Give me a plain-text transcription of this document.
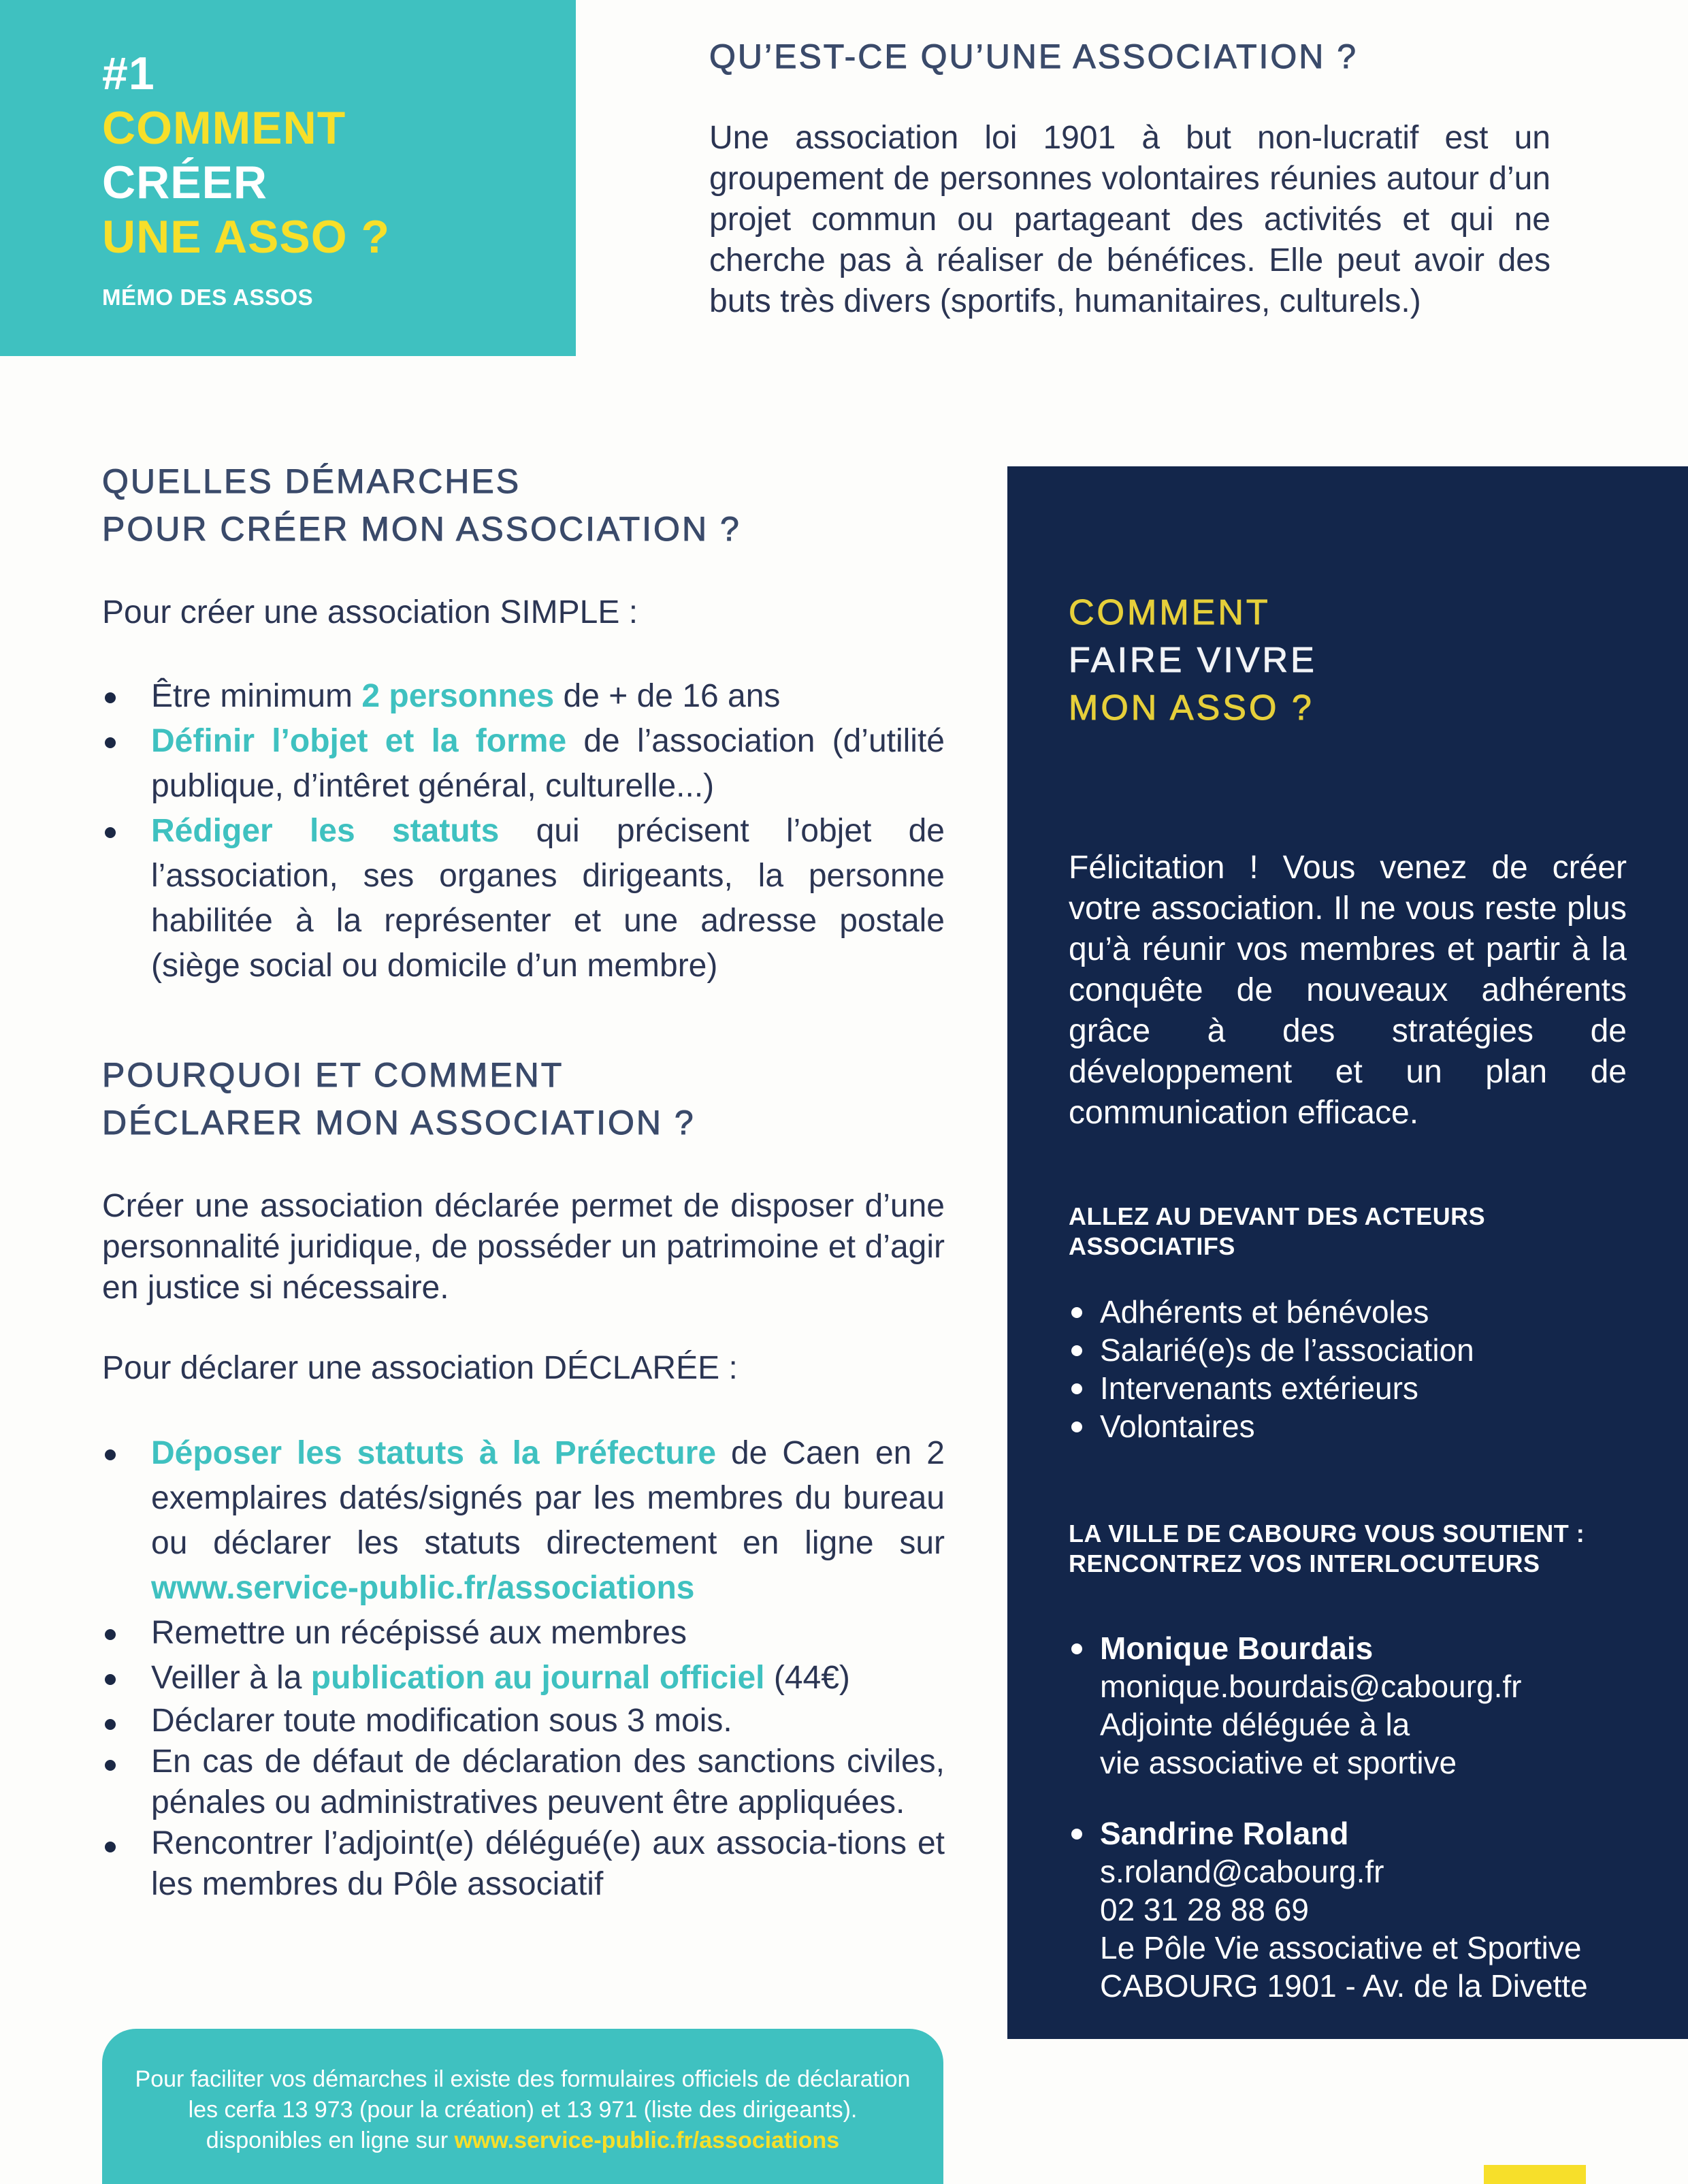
#1
COMMENT
CRÉER
UNE ASSO ?
MÉMO DES ASSOS
QU’EST-CE QU’UNE ASSOCIATION ?

Une association loi 1901 à but non-lucratif est un groupement de personnes volontaires réunies autour d’un projet commun ou partageant des activités et qui ne cherche pas à réaliser de bénéfices. Elle peut avoir des buts très divers (sportifs, humanitaires, culturels.)

QUELLES DÉMARCHES
POUR CRÉER MON ASSOCIATION ?

Pour créer une association SIMPLE :

Être minimum 2 personnes de + de 16 ans
Définir l’objet et la forme de l’association (d’utilité publique, d’intêret général, culturelle...)
Rédiger les statuts qui précisent l’objet de l’association, ses organes dirigeants, la personne habilitée à la représenter et une adresse postale (siège social ou domicile d’un membre)
POURQUOI ET COMMENT
DÉCLARER MON ASSOCIATION ?

Créer une association déclarée permet de disposer d’une personnalité juridique, de posséder un patrimoine et d’agir en justice si nécessaire.

Pour déclarer une association DÉCLARÉE :

Déposer les statuts à la Préfecture de Caen en 2 exemplaires datés/signés par les membres du bureau ou déclarer les statuts directement en ligne sur www.service-public.fr/associations
Remettre un récépissé aux membres
Veiller à la publication au journal officiel (44€)
Déclarer toute modification sous 3 mois.
En cas de défaut de déclaration des sanctions civiles, pénales ou administratives peuvent être appliquées.
Rencontrer l’adjoint(e) délégué(e) aux associa-tions et les membres du Pôle associatif
COMMENT
FAIRE VIVRE
MON ASSO ?

Félicitation ! Vous venez de créer votre association. Il ne vous reste plus qu’à réunir vos membres et partir à la conquête de nouveaux adhérents grâce à des stratégies de développement et un plan de communication efficace.

ALLEZ AU DEVANT DES ACTEURS ASSOCIATIFS
Adhérents et bénévoles
Salarié(e)s de l’association
Intervenants extérieurs
Volontaires
LA VILLE DE CABOURG VOUS SOUTIENT :
RENCONTREZ VOS INTERLOCUTEURS
Monique Bourdais
monique.bourdais@cabourg.fr
Adjointe déléguée à la
vie associative et sportive
Sandrine Roland
s.roland@cabourg.fr
02 31 28 88 69
Le Pôle Vie associative et Sportive
CABOURG 1901 - Av. de la Divette
Pour faciliter vos démarches il existe des formulaires officiels de déclaration
les cerfa 13 973 (pour la création) et 13 971 (liste des dirigeants).
disponibles en ligne sur www.service-public.fr/associations
